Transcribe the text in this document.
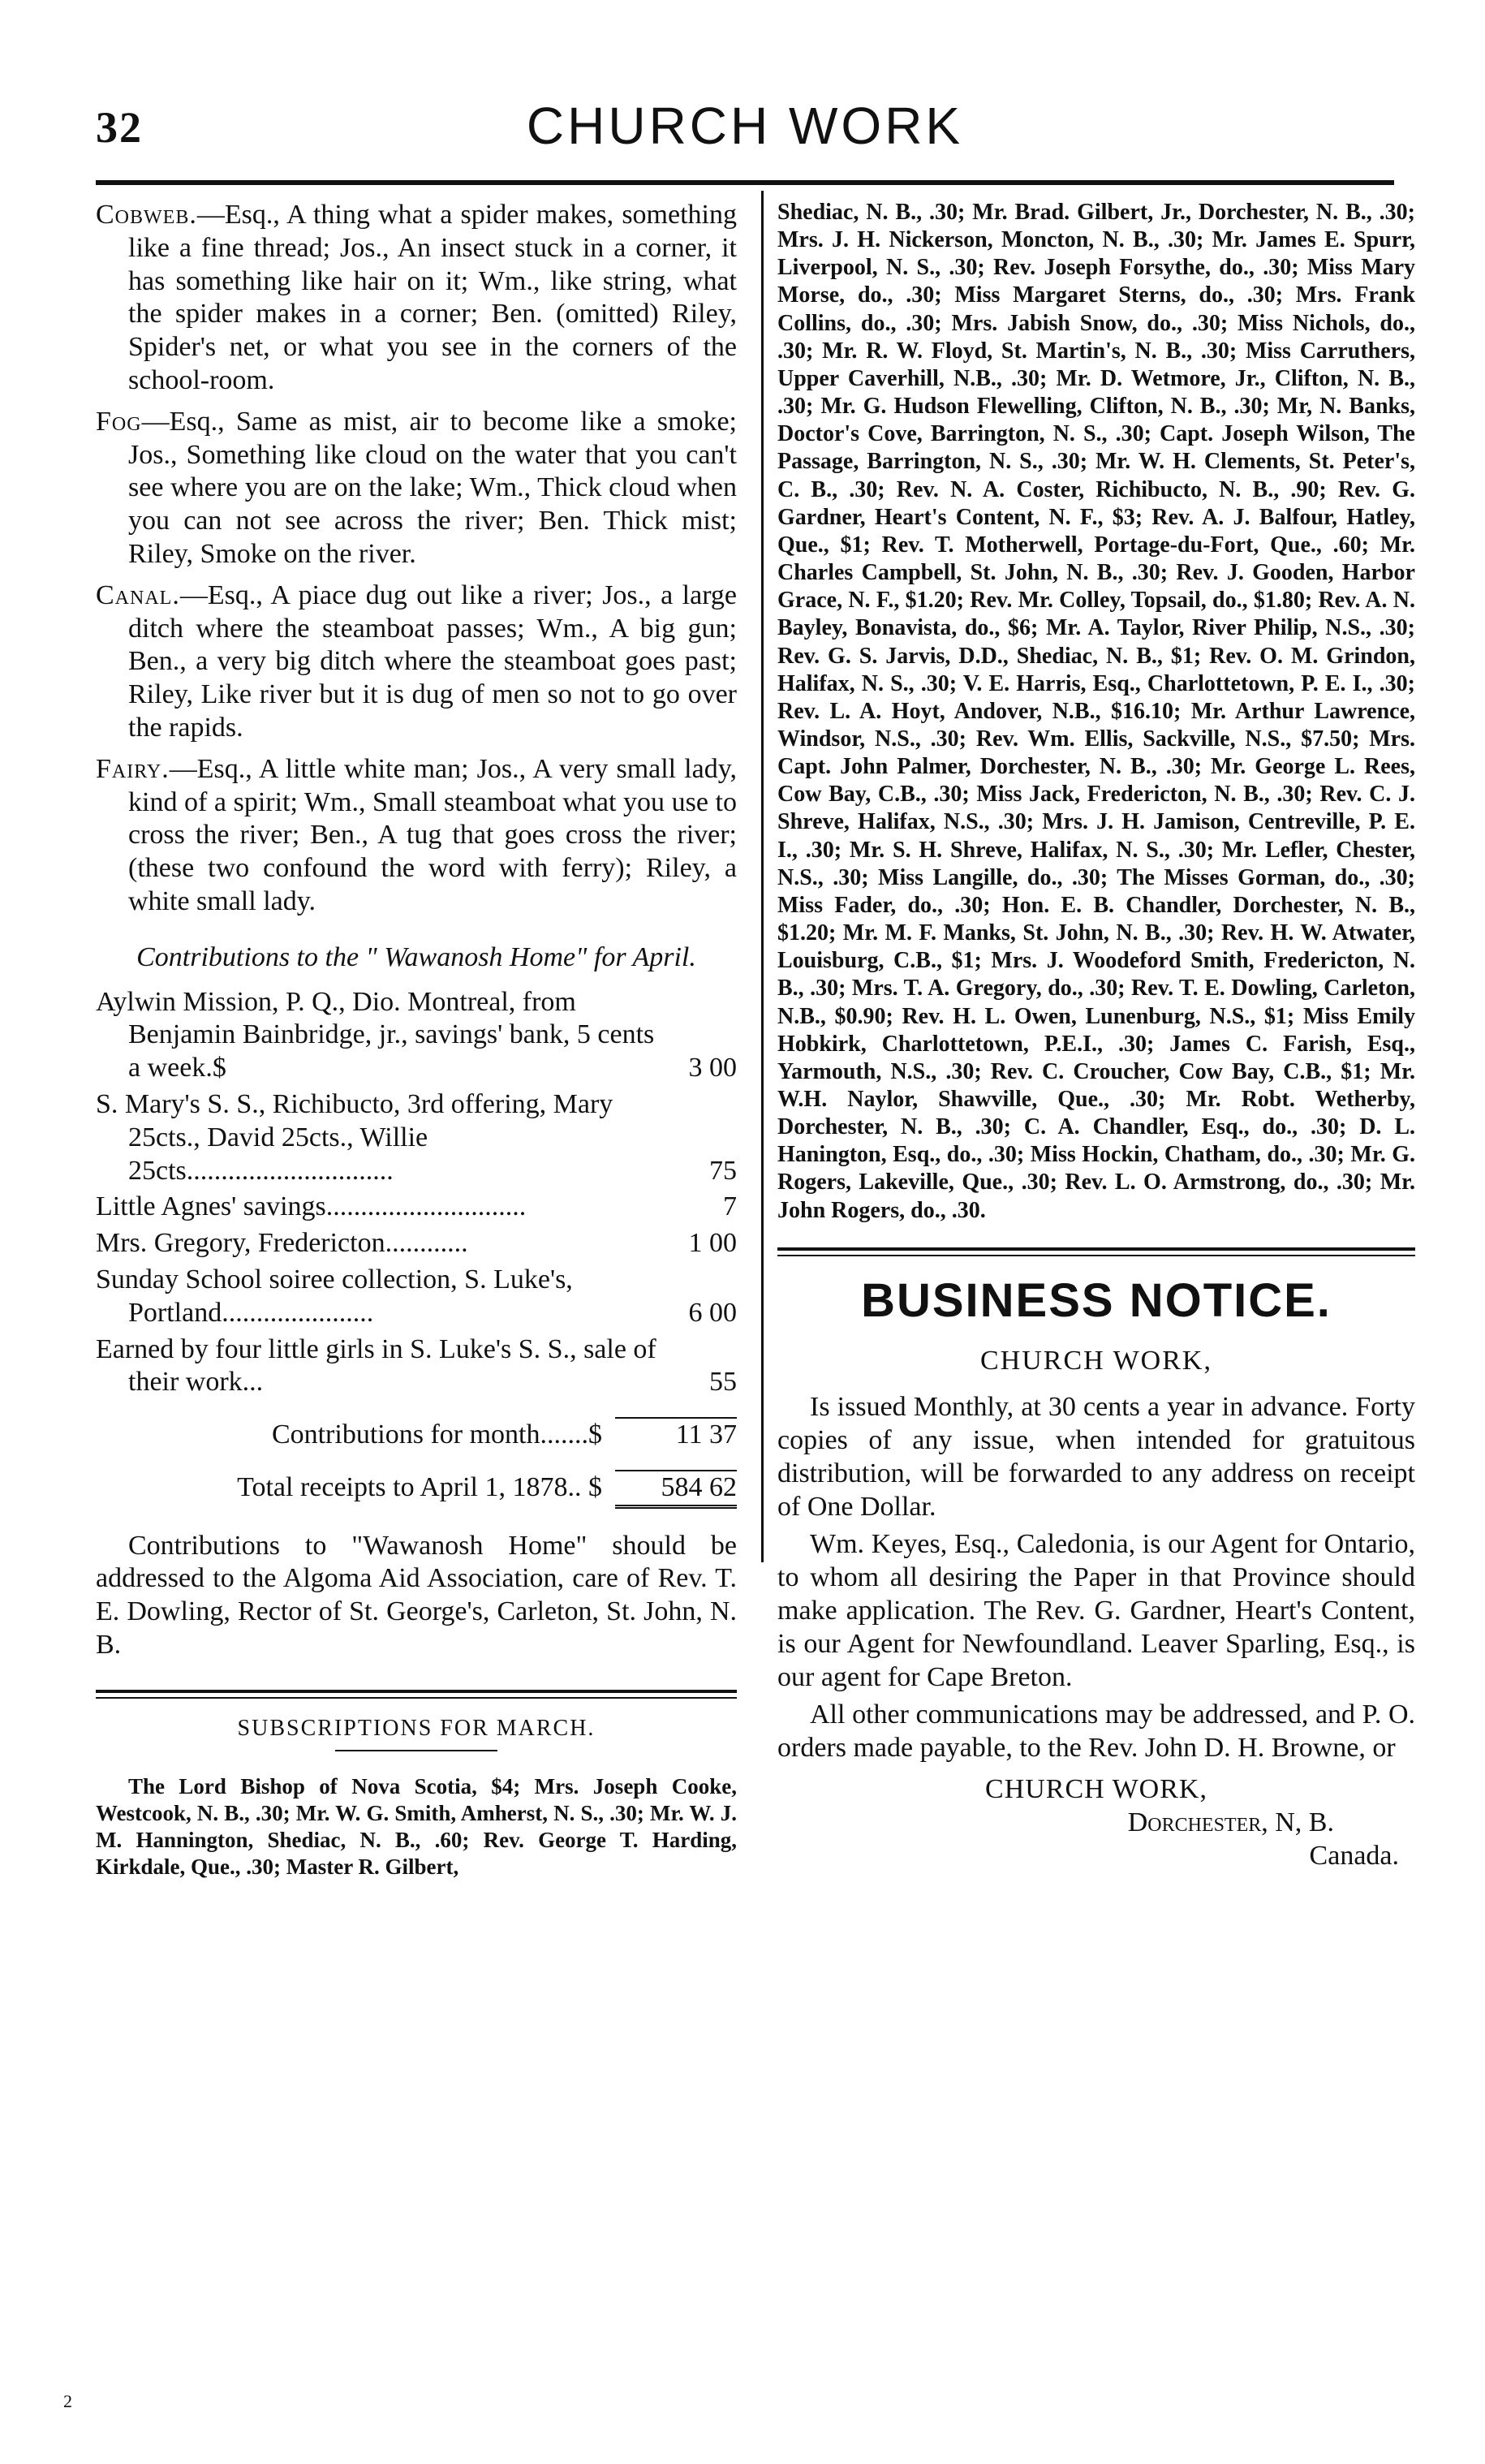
32	CHURCH WORK

Cobweb.—Esq., A thing what a spider makes, something like a fine thread; Jos., An insect stuck in a corner, it has something like hair on it; Wm., like string, what the spider makes in a corner; Ben. (omitted) Riley, Spider's net, or what you see in the corners of the school-room.

Fog—Esq., Same as mist, air to become like a smoke; Jos., Something like cloud on the water that you can't see where you are on the lake; Wm., Thick cloud when you can not see across the river; Ben. Thick mist; Riley, Smoke on the river.

Canal.—Esq., A piace dug out like a river; Jos., a large ditch where the steamboat passes; Wm., A big gun; Ben., a very big ditch where the steamboat goes past; Riley, Like river but it is dug of men so not to go over the rapids.

Fairy.—Esq., A little white man; Jos., A very small lady, kind of a spirit; Wm., Small steamboat what you use to cross the river; Ben., A tug that goes cross the river; (these two confound the word with ferry); Riley, a white small lady.

Contributions to the " Wawanosh Home" for April.
Aylwin Mission, P. Q., Dio. Montreal, from Benjamin Bainbridge, jr., savings' bank, 5 cents a week.$	3 00
S. Mary's S. S., Richibucto, 3rd offering, Mary 25cts., David 25cts., Willie 25cts..............................	75
Little Agnes' savings.............................	7
Mrs. Gregory, Fredericton............	1 00
Sunday School soiree collection, S. Luke's, Portland......................	6 00
Earned by four little girls in S. Luke's S. S., sale of their work...	55
Contributions for month.......$	11 37
Total receipts to April 1, 1878.. $	584 62

Contributions to "Wawanosh Home" should be addressed to the Algoma Aid Association, care of Rev. T. E. Dowling, Rector of St. George's, Carleton, St. John, N. B.

SUBSCRIPTIONS FOR MARCH.

The Lord Bishop of Nova Scotia, $4; Mrs. Joseph Cooke, Westcook, N. B., .30; Mr. W. G. Smith, Amherst, N. S., .30; Mr. W. J. M. Hannington, Shediac, N. B., .60; Rev. George T. Harding, Kirkdale, Que., .30; Master R. Gilbert,

Shediac, N. B., .30; Mr. Brad. Gilbert, Jr., Dorchester, N. B., .30; Mrs. J. H. Nickerson, Moncton, N. B., .30; Mr. James E. Spurr, Liverpool, N. S., .30; Rev. Joseph Forsythe, do., .30; Miss Mary Morse, do., .30; Miss Margaret Sterns, do., .30; Mrs. Frank Collins, do., .30; Mrs. Jabish Snow, do., .30; Miss Nichols, do., .30; Mr. R. W. Floyd, St. Martin's, N. B., .30; Miss Carruthers, Upper Caverhill, N.B., .30; Mr. D. Wetmore, Jr., Clifton, N. B., .30; Mr. G. Hudson Flewelling, Clifton, N. B., .30; Mr, N. Banks, Doctor's Cove, Barrington, N. S., .30; Capt. Joseph Wilson, The Passage, Barrington, N. S., .30; Mr. W. H. Clements, St. Peter's, C. B., .30; Rev. N. A. Coster, Richibucto, N. B., .90; Rev. G. Gardner, Heart's Content, N. F., $3; Rev. A. J. Balfour, Hatley, Que., $1; Rev. T. Motherwell, Portage-du-Fort, Que., .60; Mr. Charles Campbell, St. John, N. B., .30; Rev. J. Gooden, Harbor Grace, N. F., $1.20; Rev. Mr. Colley, Topsail, do., $1.80; Rev. A. N. Bayley, Bonavista, do., $6; Mr. A. Taylor, River Philip, N.S., .30; Rev. G. S. Jarvis, D.D., Shediac, N. B., $1; Rev. O. M. Grindon, Halifax, N. S., .30; V. E. Harris, Esq., Charlottetown, P. E. I., .30; Rev. L. A. Hoyt, Andover, N.B., $16.10; Mr. Arthur Lawrence, Windsor, N.S., .30; Rev. Wm. Ellis, Sackville, N.S., $7.50; Mrs. Capt. John Palmer, Dorchester, N. B., .30; Mr. George L. Rees, Cow Bay, C.B., .30; Miss Jack, Fredericton, N. B., .30; Rev. C. J. Shreve, Halifax, N.S., .30; Mrs. J. H. Jamison, Centreville, P. E. I., .30; Mr. S. H. Shreve, Halifax, N. S., .30; Mr. Lefler, Chester, N.S., .30; Miss Langille, do., .30; The Misses Gorman, do., .30; Miss Fader, do., .30; Hon. E. B. Chandler, Dorchester, N. B., $1.20; Mr. M. F. Manks, St. John, N. B., .30; Rev. H. W. Atwater, Louisburg, C.B., $1; Mrs. J. Woodeford Smith, Fredericton, N. B., .30; Mrs. T. A. Gregory, do., .30; Rev. T. E. Dowling, Carleton, N.B., $0.90; Rev. H. L. Owen, Lunenburg, N.S., $1; Miss Emily Hobkirk, Charlottetown, P.E.I., .30; James C. Farish, Esq., Yarmouth, N.S., .30; Rev. C. Croucher, Cow Bay, C.B., $1; Mr. W.H. Naylor, Shawville, Que., .30; Mr. Robt. Wetherby, Dorchester, N. B., .30; C. A. Chandler, Esq., do., .30; D. L. Hanington, Esq., do., .30; Miss Hockin, Chatham, do., .30; Mr. G. Rogers, Lakeville, Que., .30; Rev. L. O. Armstrong, do., .30; Mr. John Rogers, do., .30.

BUSINESS NOTICE.
CHURCH WORK,

Is issued Monthly, at 30 cents a year in advance. Forty copies of any issue, when intended for gratuitous distribution, will be forwarded to any address on receipt of One Dollar.

Wm. Keyes, Esq., Caledonia, is our Agent for Ontario, to whom all desiring the Paper in that Province should make application. The Rev. G. Gardner, Heart's Content, is our Agent for Newfoundland. Leaver Sparling, Esq., is our agent for Cape Breton.

All other communications may be addressed, and P. O. orders made payable, to the Rev. John D. H. Browne, or

CHURCH WORK,
Dorchester, N, B.
Canada.
2
